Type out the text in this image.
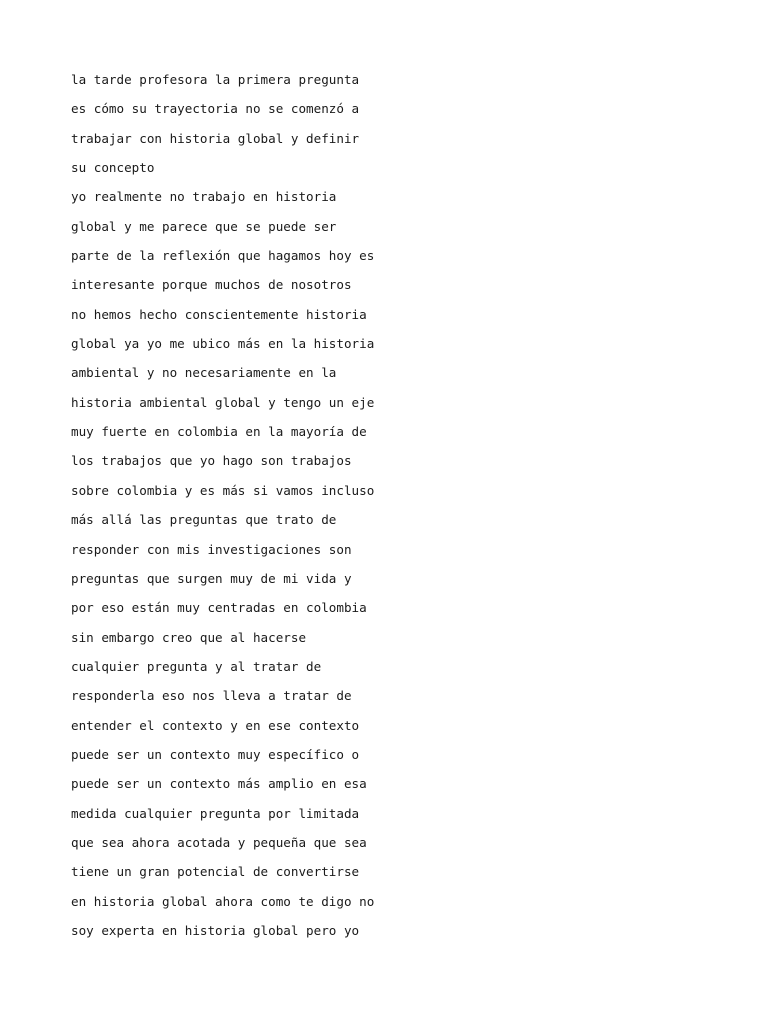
la tarde profesora la primera pregunta

es cómo su trayectoria no se comenzó a

trabajar con historia global y definir

su concepto

yo realmente no trabajo en historia

global y me parece que se puede ser

parte de la reflexión que hagamos hoy es

interesante porque muchos de nosotros

no hemos hecho conscientemente historia

global ya yo me ubico más en la historia

ambiental y no necesariamente en la

historia ambiental global y tengo un eje

muy fuerte en colombia en la mayoría de

los trabajos que yo hago son trabajos

sobre colombia y es más si vamos incluso

más allá las preguntas que trato de

responder con mis investigaciones son

preguntas que surgen muy de mi vida y

por eso están muy centradas en colombia

sin embargo creo que al hacerse

cualquier pregunta y al tratar de

responderla eso nos lleva a tratar de

entender el contexto y en ese contexto

puede ser un contexto muy específico o

puede ser un contexto más amplio en esa

medida cualquier pregunta por limitada

que sea ahora acotada y pequeña que sea

tiene un gran potencial de convertirse

en historia global ahora como te digo no

soy experta en historia global pero yo
